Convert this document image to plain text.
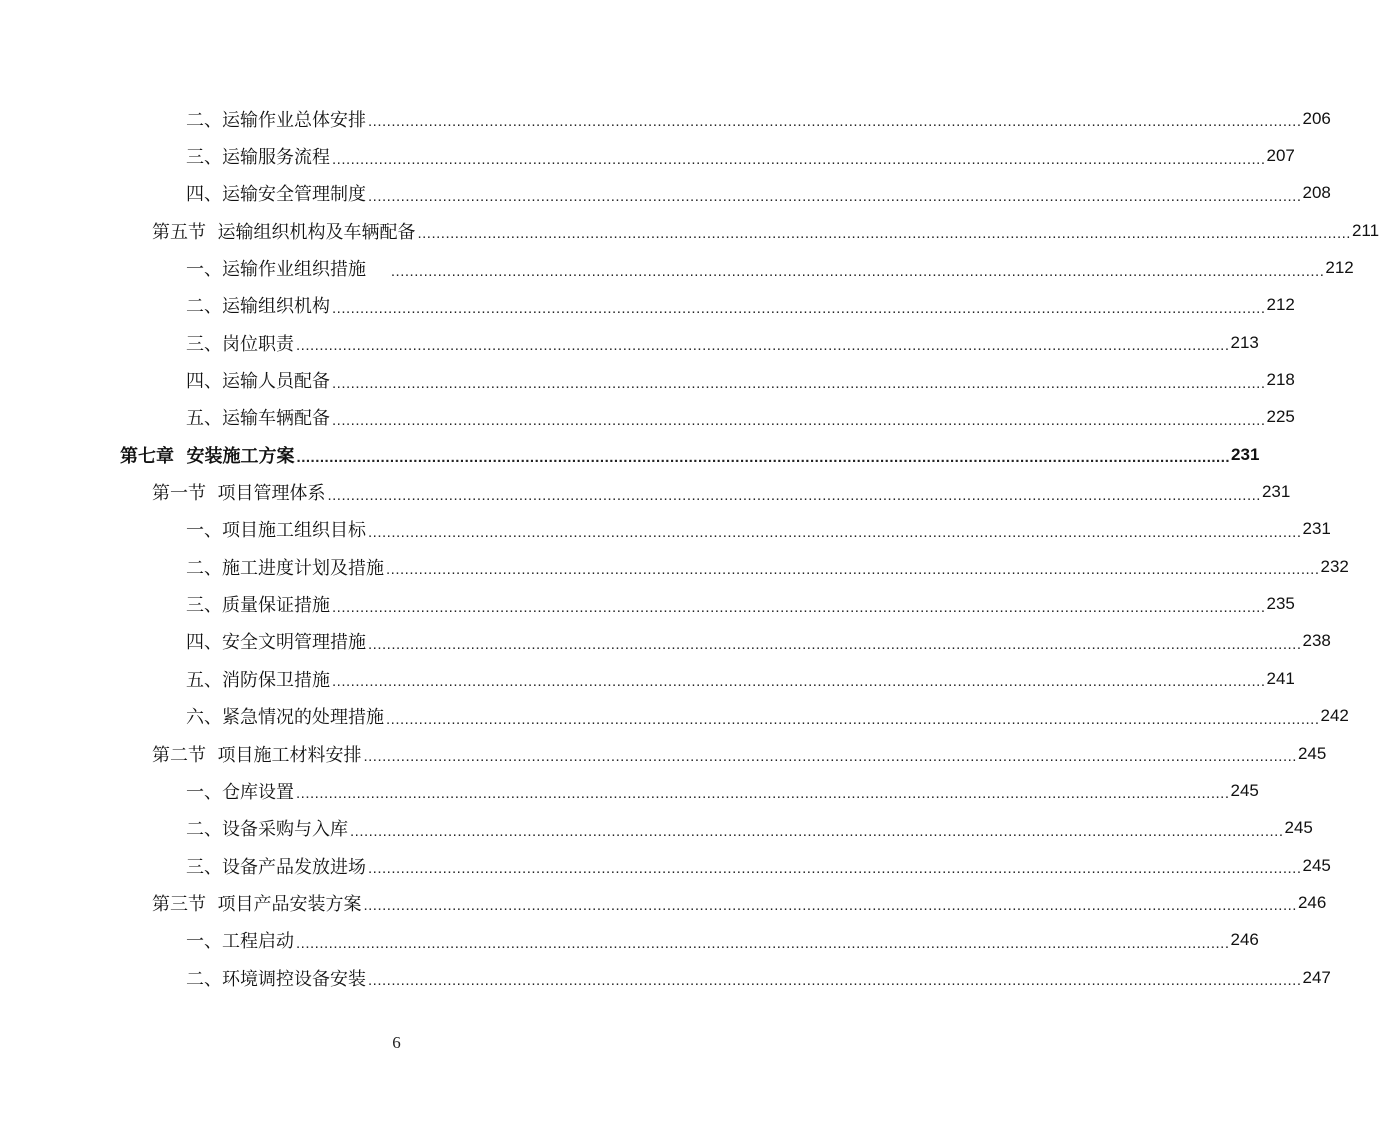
二、运输作业总体安排 ........................................................................................................................................................................................................ 206
三、运输服务流程 ........................................................................................................................................................................................................ 207
四、运输安全管理制度 ........................................................................................................................................................................................................ 208
第五节  运输组织机构及车辆配备 ........................................................................................................................................................................................................ 211
一、运输作业组织措施 ........................................................................................................................................................................................................ 212
二、运输组织机构 ........................................................................................................................................................................................................ 212
三、岗位职责 ........................................................................................................................................................................................................ 213
四、运输人员配备 ........................................................................................................................................................................................................ 218
五、运输车辆配备 ........................................................................................................................................................................................................ 225
第七章  安装施工方案 ........................................................................................................................................................................................................ 231
第一节  项目管理体系 ........................................................................................................................................................................................................ 231
一、项目施工组织目标 ........................................................................................................................................................................................................ 231
二、施工进度计划及措施 ........................................................................................................................................................................................................ 232
三、质量保证措施 ........................................................................................................................................................................................................ 235
四、安全文明管理措施 ........................................................................................................................................................................................................ 238
五、消防保卫措施 ........................................................................................................................................................................................................ 241
六、紧急情况的处理措施 ........................................................................................................................................................................................................ 242
第二节  项目施工材料安排 ........................................................................................................................................................................................................ 245
一、仓库设置 ........................................................................................................................................................................................................ 245
二、设备采购与入库 ........................................................................................................................................................................................................ 245
三、设备产品发放进场 ........................................................................................................................................................................................................ 245
第三节  项目产品安装方案 ........................................................................................................................................................................................................ 246
一、工程启动 ........................................................................................................................................................................................................ 246
二、环境调控设备安装 ........................................................................................................................................................................................................ 247
6
